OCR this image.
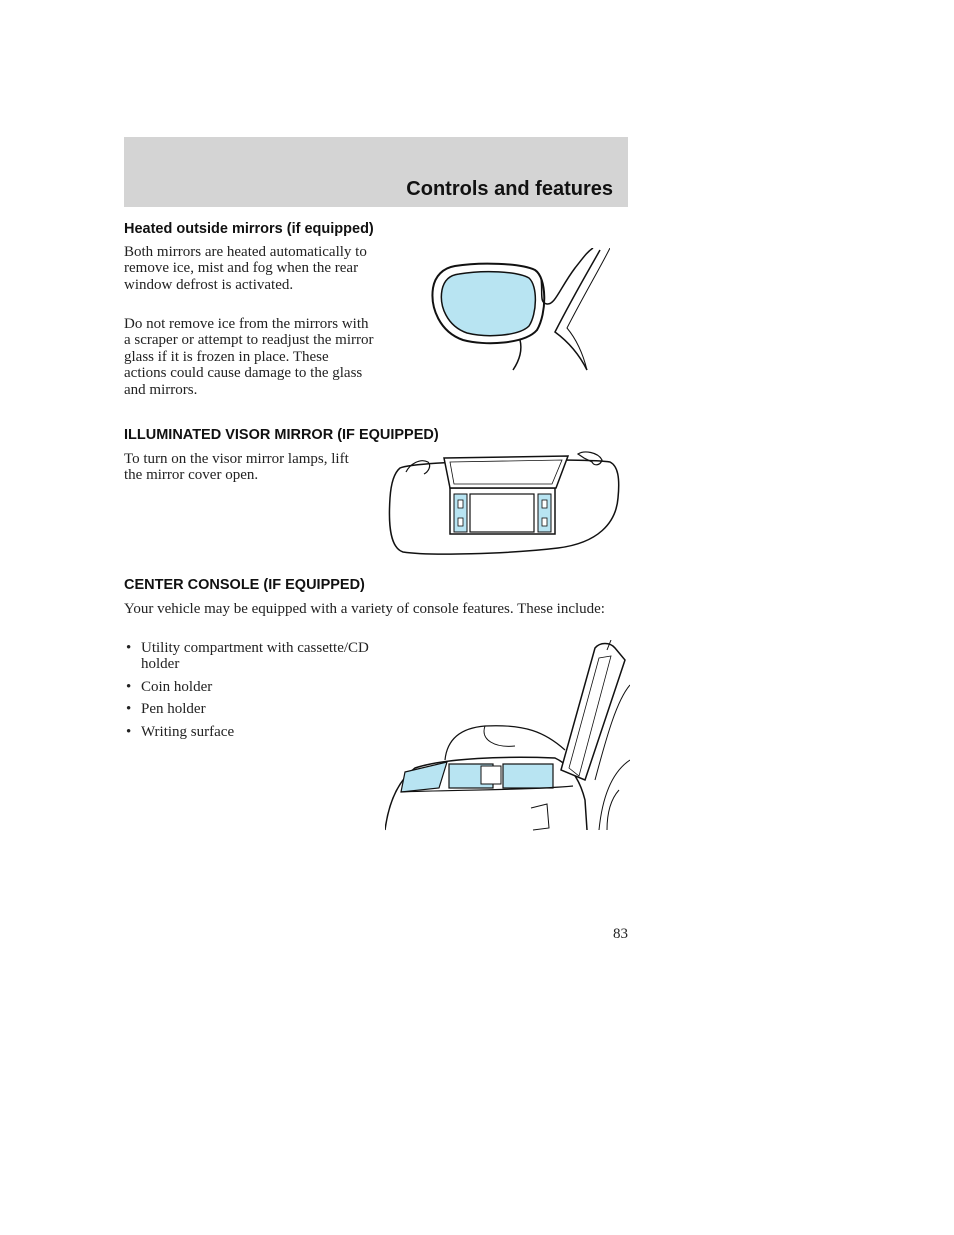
Controls and features
Heated outside mirrors (if equipped)

Both mirrors are heated automatically to remove ice, mist and fog when the rear window defrost is activated.

Do not remove ice from the mirrors with a scraper or attempt to readjust the mirror glass if it is frozen in place. These actions could cause damage to the glass and mirrors.

ILLUMINATED VISOR MIRROR (IF EQUIPPED)

To turn on the visor mirror lamps, lift the mirror cover open.

CENTER CONSOLE (IF EQUIPPED)

Your vehicle may be equipped with a variety of console features. These include:

• Utility compartment with cassette/CD holder
• Coin holder
• Pen holder
• Writing surface
83
